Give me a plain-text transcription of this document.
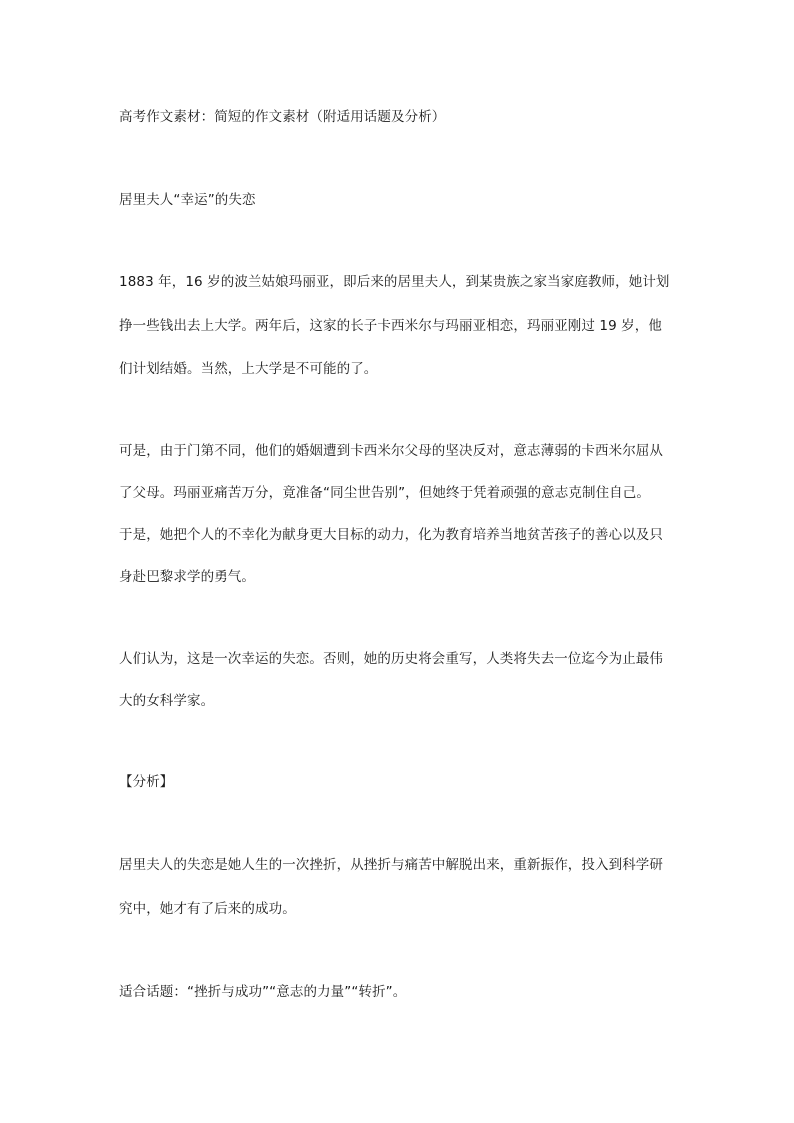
高考作文素材：简短的作文素材（附适用话题及分析）
居里夫人“幸运”的失恋
1883 年，16 岁的波兰姑娘玛丽亚，即后来的居里夫人，到某贵族之家当家庭教师，她计划
挣一些钱出去上大学。两年后，这家的长子卡西米尔与玛丽亚相恋，玛丽亚刚过 19 岁，他
们计划结婚。当然，上大学是不可能的了。
可是，由于门第不同，他们的婚姻遭到卡西米尔父母的坚决反对，意志薄弱的卡西米尔屈从
了父母。玛丽亚痛苦万分，竟准备“同尘世告别”，但她终于凭着顽强的意志克制住自己。
于是，她把个人的不幸化为献身更大目标的动力，化为教育培养当地贫苦孩子的善心以及只
身赴巴黎求学的勇气。
人们认为，这是一次幸运的失恋。否则，她的历史将会重写，人类将失去一位迄今为止最伟
大的女科学家。
【分析】
居里夫人的失恋是她人生的一次挫折，从挫折与痛苦中解脱出来，重新振作，投入到科学研
究中，她才有了后来的成功。
适合话题：“挫折与成功”“意志的力量”“转折”。
